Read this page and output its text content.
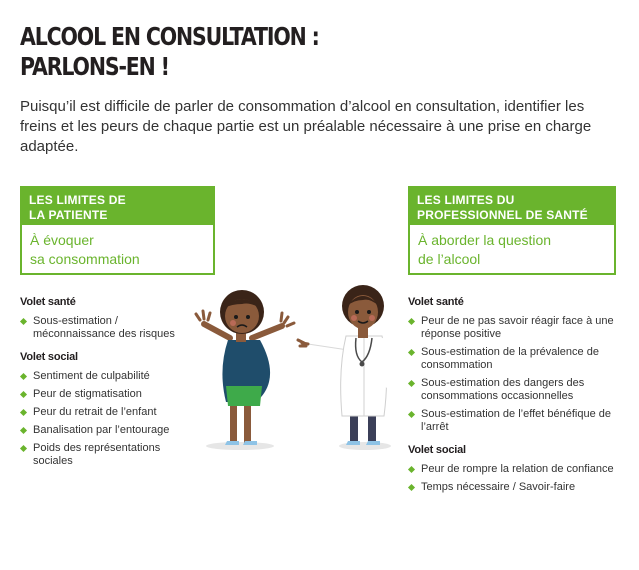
ALCOOL EN CONSULTATION :
PARLONS-EN !

Puisqu’il est difficile de parler de consommation d’alcool en consultation, identifier les freins et les peurs de chaque partie est un préalable nécessaire à une prise en charge adaptée.

LES LIMITES DE
LA PATIENTE
À évoquer
sa consommation
LES LIMITES DU
PROFESSIONNEL DE SANTÉ
À aborder la question
de l’alcool
Volet santé
Sous-estimation / méconnaissance des risques
Volet social
Sentiment de culpabilité
Peur de stigmatisation
Peur du retrait de l’enfant
Banalisation par l’entourage
Poids des représentations sociales
Volet santé
Peur de ne pas savoir réagir face à une réponse positive
Sous-estimation de la prévalence de consommation
Sous-estimation des dangers des consommations occasionnelles
Sous-estimation de l’effet bénéfique de l’arrêt
Volet social
Peur de rompre la relation de confiance
Temps nécessaire / Savoir-faire
